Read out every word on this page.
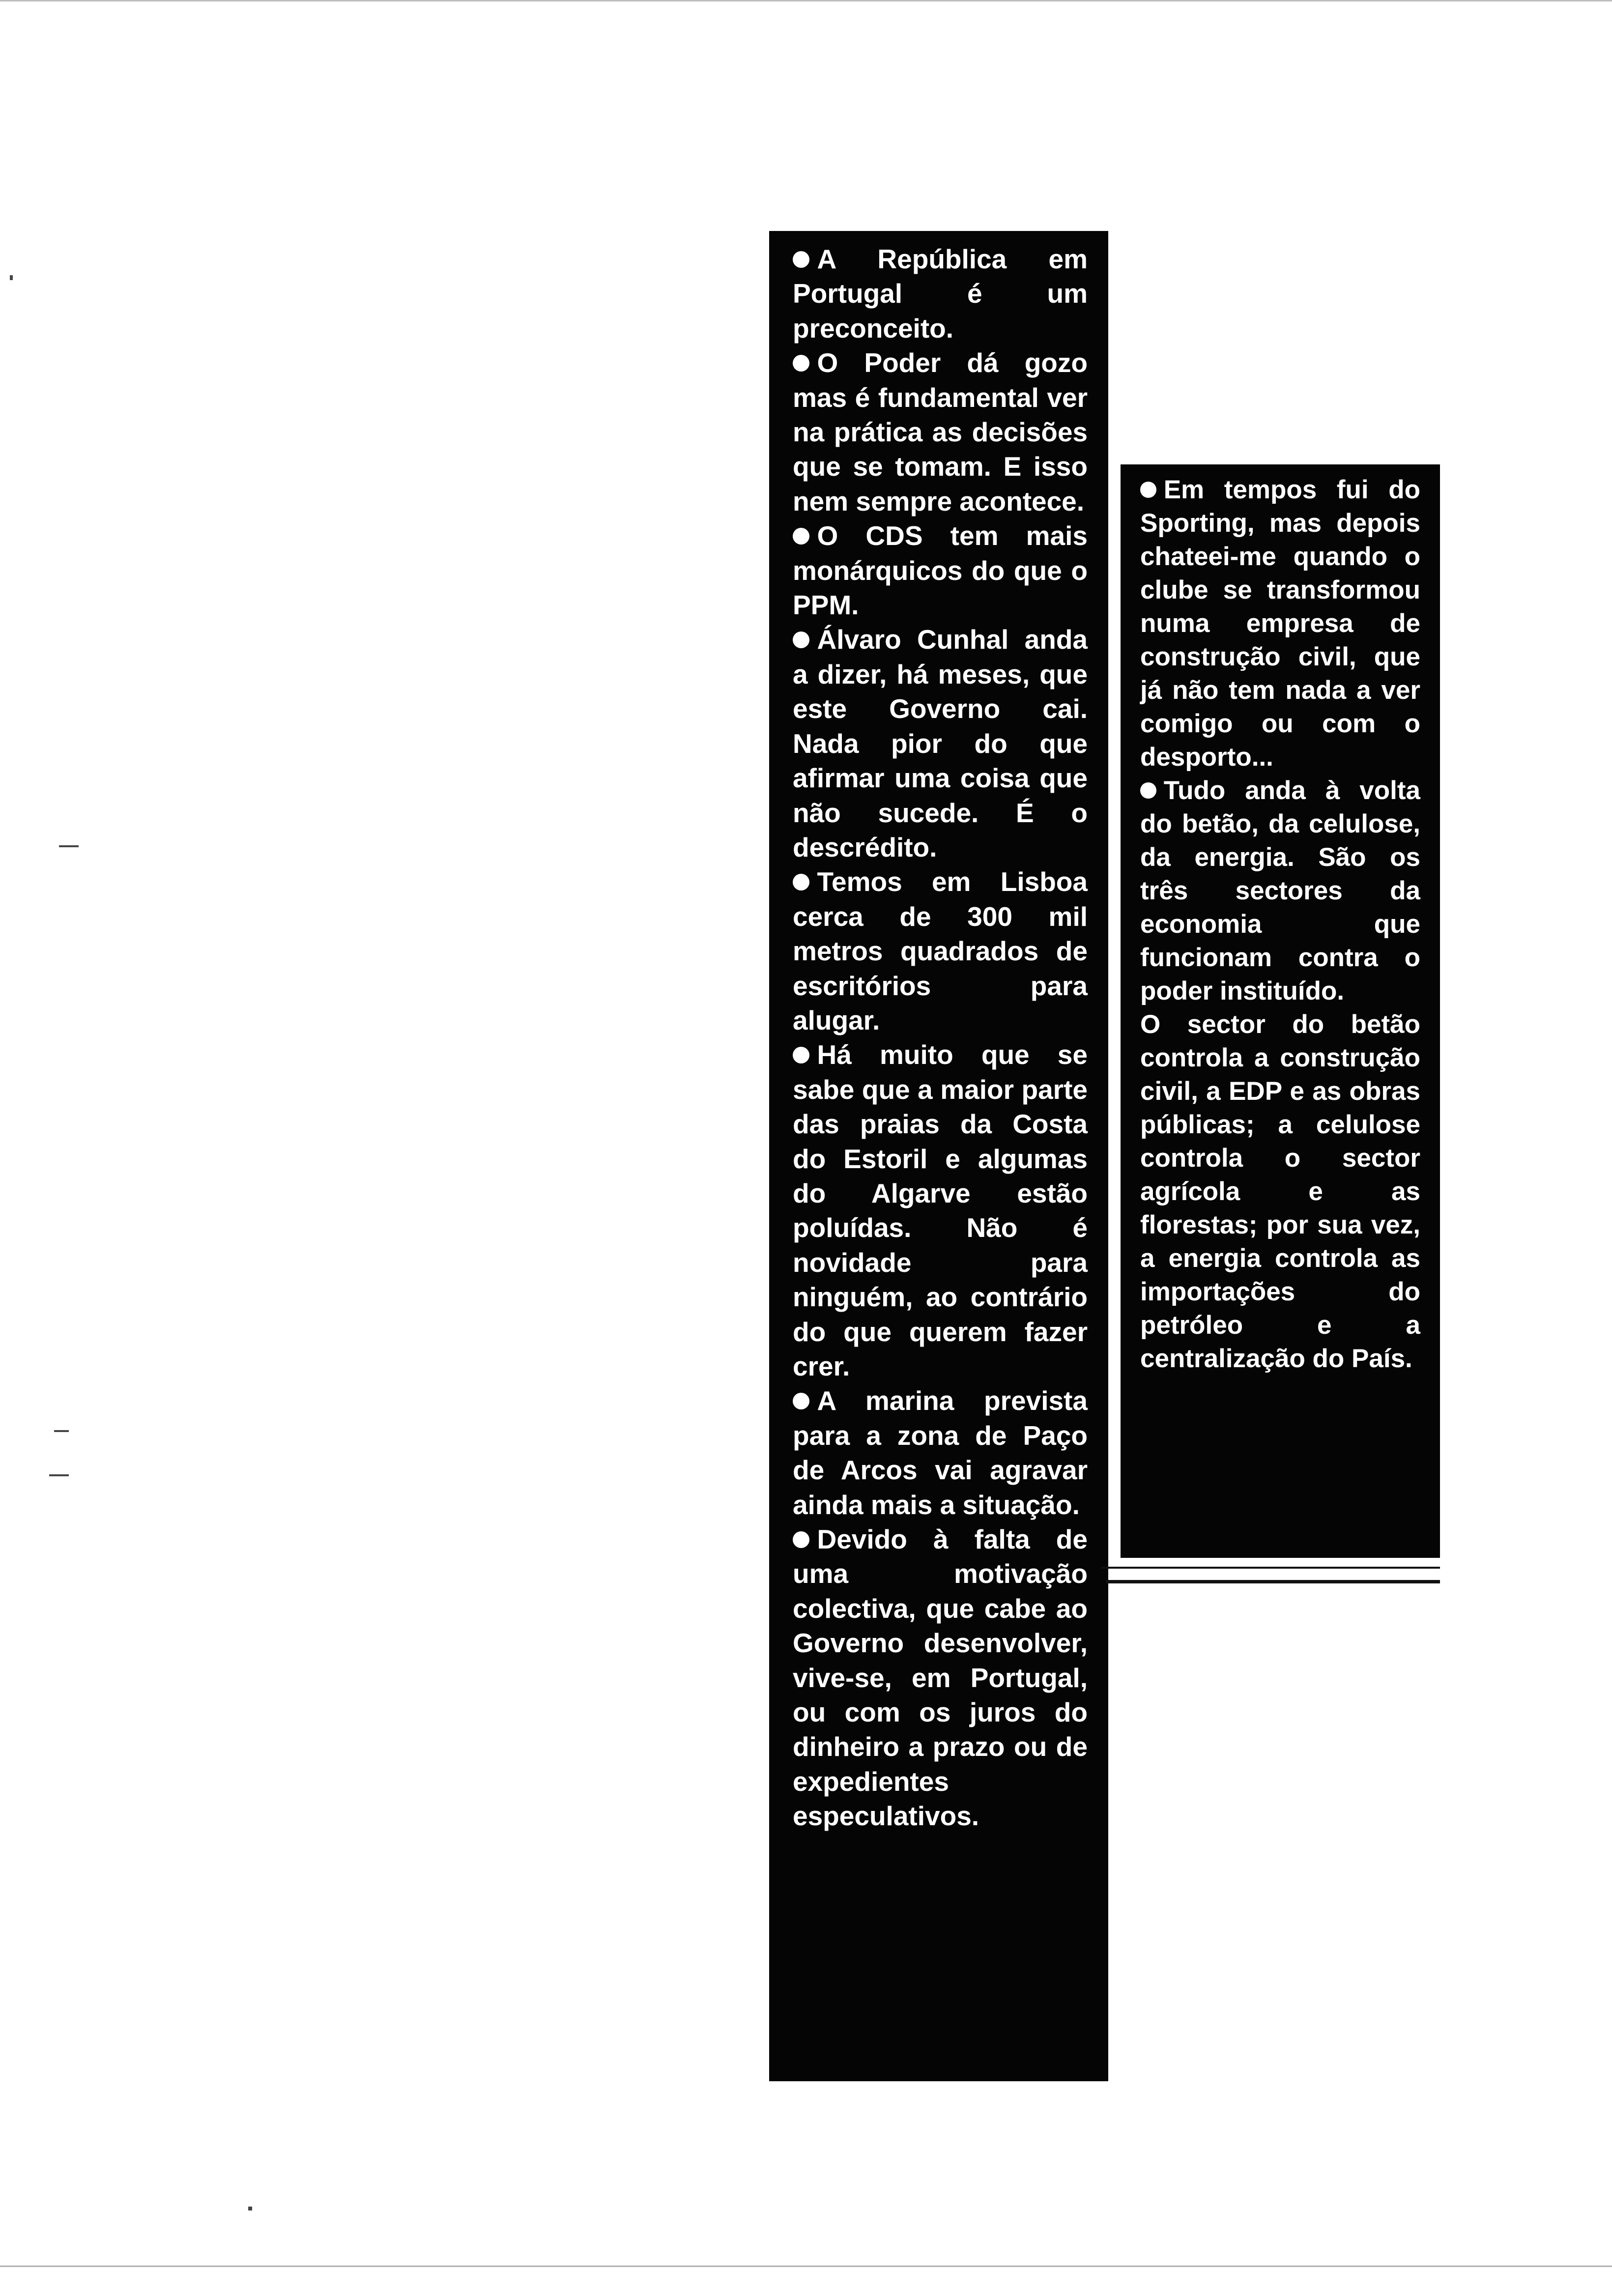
A República em Portugal é um preconceito.

O Poder dá gozo mas é fundamental ver na prática as decisões que se tomam. E isso nem sempre acontece.

O CDS tem mais monárquicos do que o PPM.

Álvaro Cunhal anda a dizer, há meses, que este Governo cai. Nada pior do que afirmar uma coisa que não sucede. É o descrédito.

Temos em Lisboa cerca de 300 mil metros quadrados de escritórios para alugar.

Há muito que se sabe que a maior parte das praias da Costa do Estoril e algumas do Algarve estão poluídas. Não é novidade para ninguém, ao contrário do que querem fazer crer.

A marina prevista para a zona de Paço de Arcos vai agravar ainda mais a situação.

Devido à falta de uma motivação colectiva, que cabe ao Governo desenvolver, vive-se, em Portugal, ou com os juros do dinheiro a prazo ou de expedientes especulativos.

Em tempos fui do Sporting, mas depois chateei-me quando o clube se transformou numa empresa de construção civil, que já não tem nada a ver comigo ou com o desporto...

Tudo anda à volta do betão, da celulose, da energia. São os três sectores da economia que funcionam contra o poder instituído.

O sector do betão controla a construção civil, a EDP e as obras públicas; a celulose controla o sector agrícola e as florestas; por sua vez, a energia controla as importações do petróleo e a centralização do País.
